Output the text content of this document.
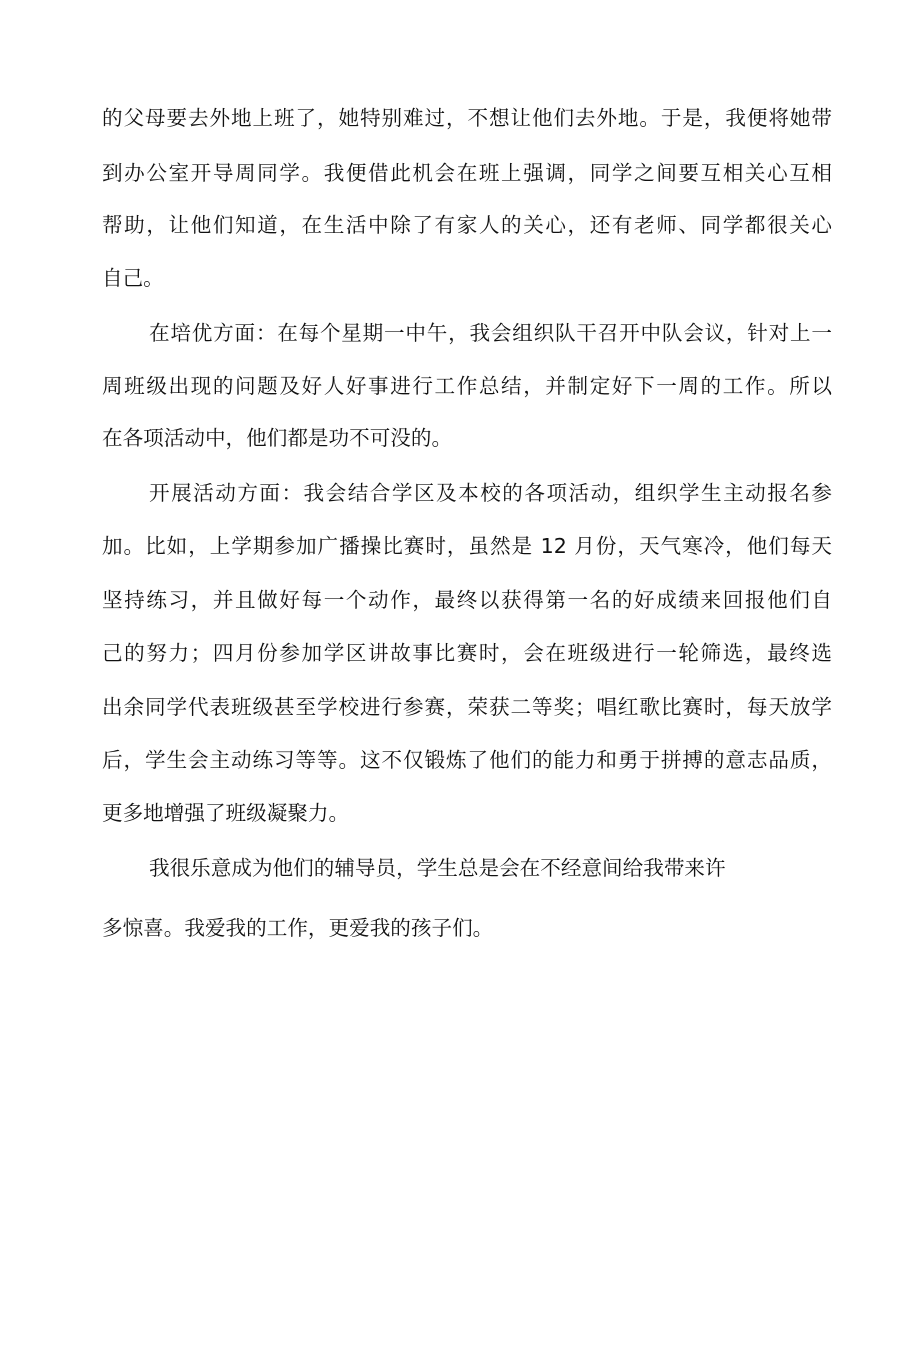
的父母要去外地上班了，她特别难过，不想让他们去外地。于是，我便将她带
到办公室开导周同学。我便借此机会在班上强调，同学之间要互相关心互相
帮助，让他们知道，在生活中除了有家人的关心，还有老师、同学都很关心
自己。
在培优方面：在每个星期一中午，我会组织队干召开中队会议，针对上一
周班级出现的问题及好人好事进行工作总结，并制定好下一周的工作。所以
在各项活动中，他们都是功不可没的。
开展活动方面：我会结合学区及本校的各项活动，组织学生主动报名参
加。比如，上学期参加广播操比赛时，虽然是 12 月份，天气寒冷，他们每天
坚持练习，并且做好每一个动作，最终以获得第一名的好成绩来回报他们自
己的努力；四月份参加学区讲故事比赛时，会在班级进行一轮筛选，最终选
出余同学代表班级甚至学校进行参赛，荣获二等奖；唱红歌比赛时，每天放学
后，学生会主动练习等等。这不仅锻炼了他们的能力和勇于拼搏的意志品质，
更多地增强了班级凝聚力。
我很乐意成为他们的辅导员，学生总是会在不经意间给我带来许
多惊喜。我爱我的工作，更爱我的孩子们。
